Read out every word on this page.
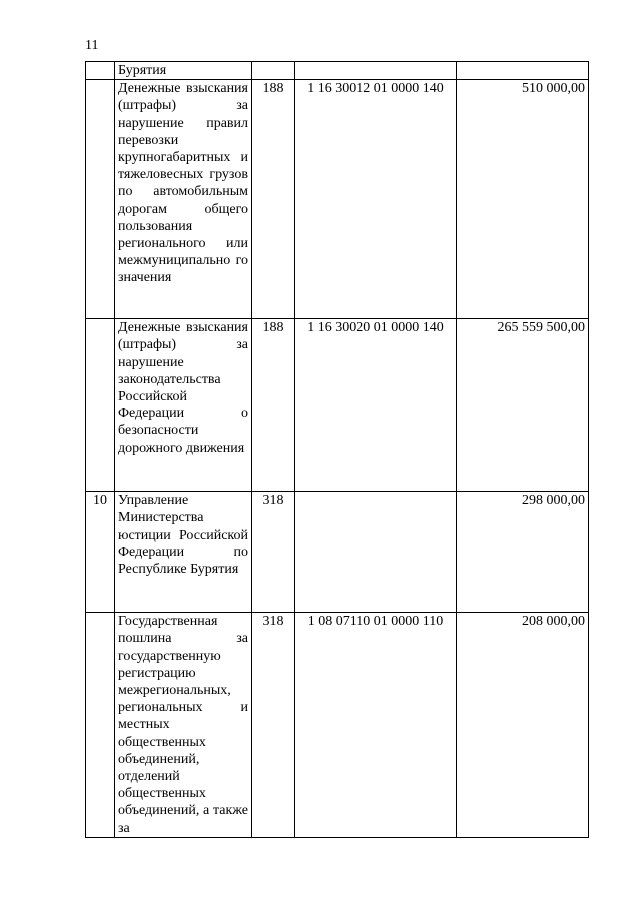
11
	Бурятия			
	Денежные взыскания (штрафы) за нарушение правил перевозки крупногабаритных и тяжеловесных грузов по автомобильным дорогам общего пользования регионального или межмуниципально го значения	188	1 16 30012 01 0000 140	510 000,00
	Денежные взыскания (штрафы) за нарушение законодательства Российской Федерации о безопасности дорожного движения	188	1 16 30020 01 0000 140	265 559 500,00
10	Управление Министерства юстиции Российской Федерации по Республике Бурятия	318		298 000,00
	Государственная пошлина за государственную регистрацию межрегиональных, региональных и местных общественных объединений, отделений общественных объединений, а также за	318	1 08 07110 01 0000 110	208 000,00
